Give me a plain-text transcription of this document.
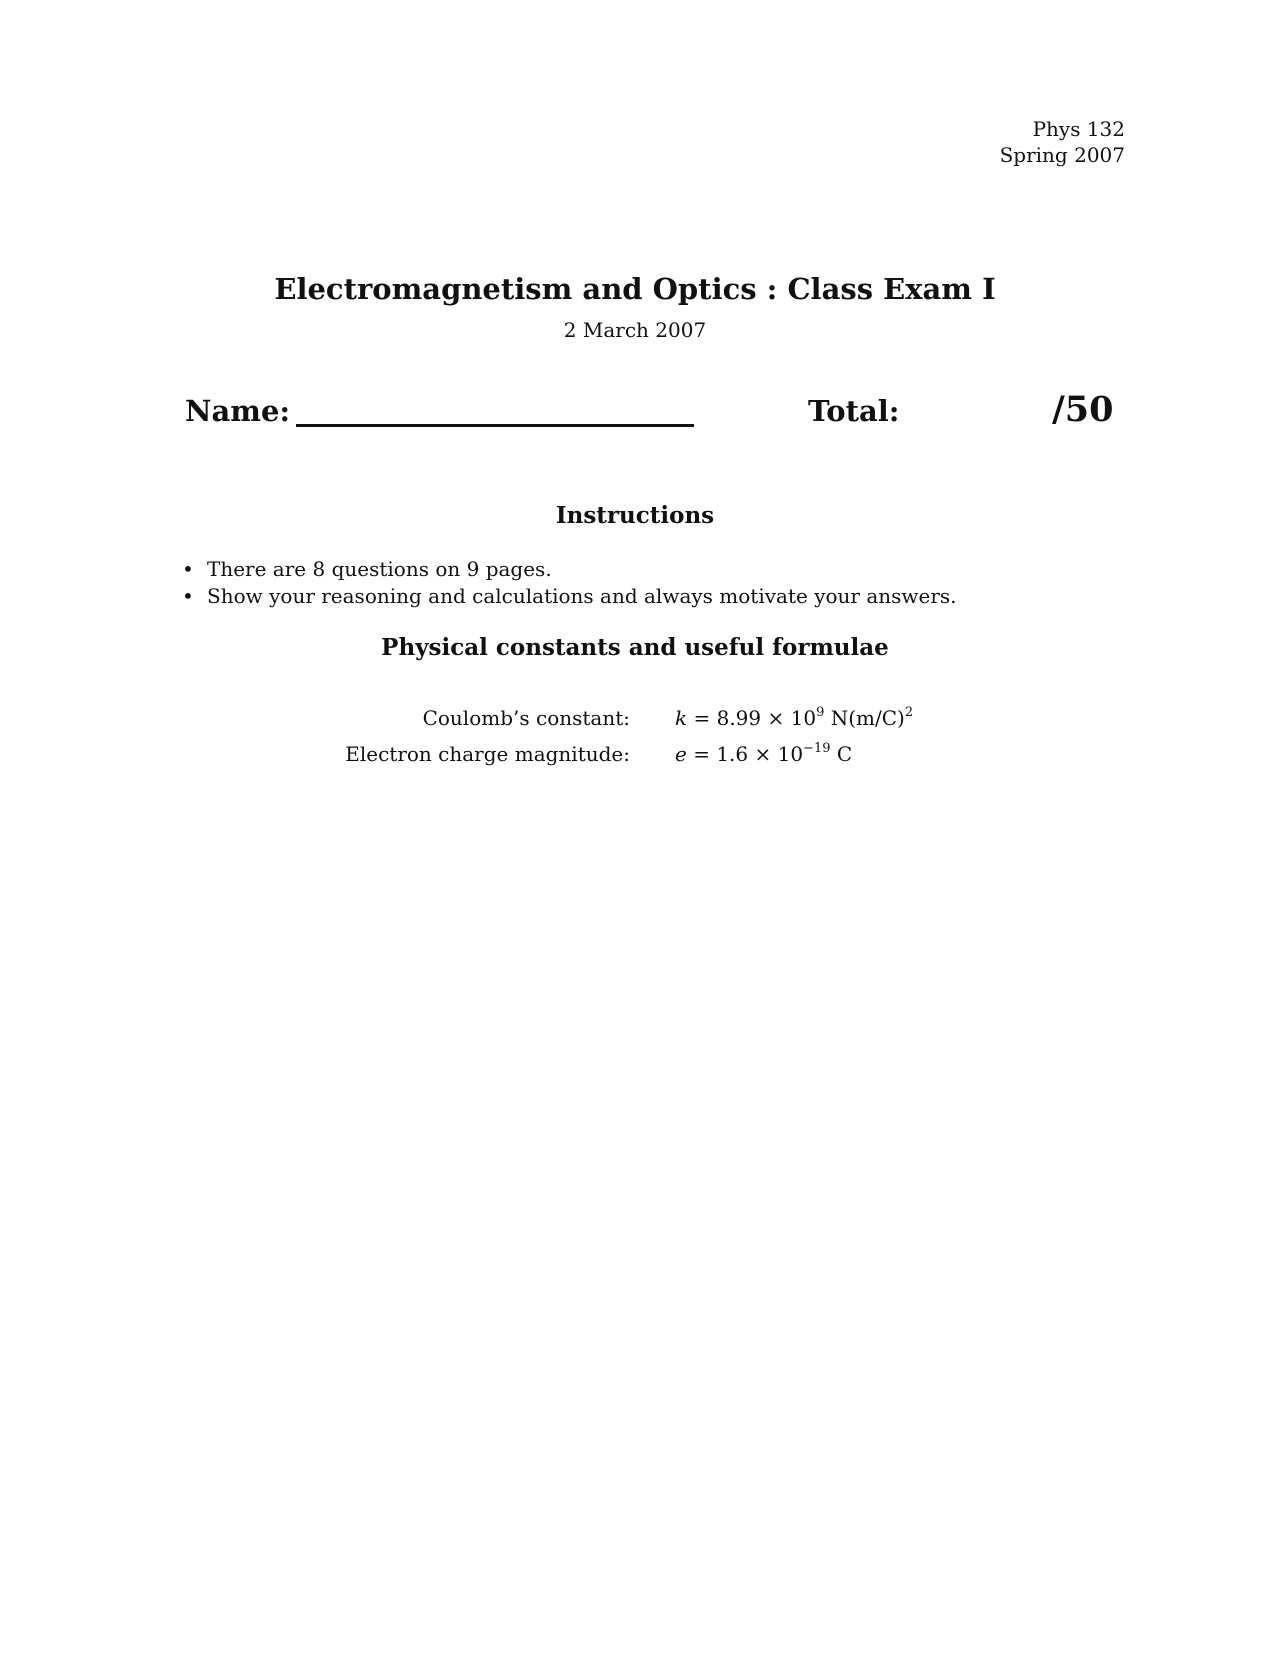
Phys 132
Spring 2007
Electromagnetism and Optics : Class Exam I
2 March 2007
Name:	Total:	/50
Instructions
• There are 8 questions on 9 pages.
• Show your reasoning and calculations and always motivate your answers.
Physical constants and useful formulae
Coulomb’s constant: $k = 8.99 \times 10^9$ $N(m/C)^2$
Electron charge magnitude: $e = 1.6 \times 10^{-19}$ C
